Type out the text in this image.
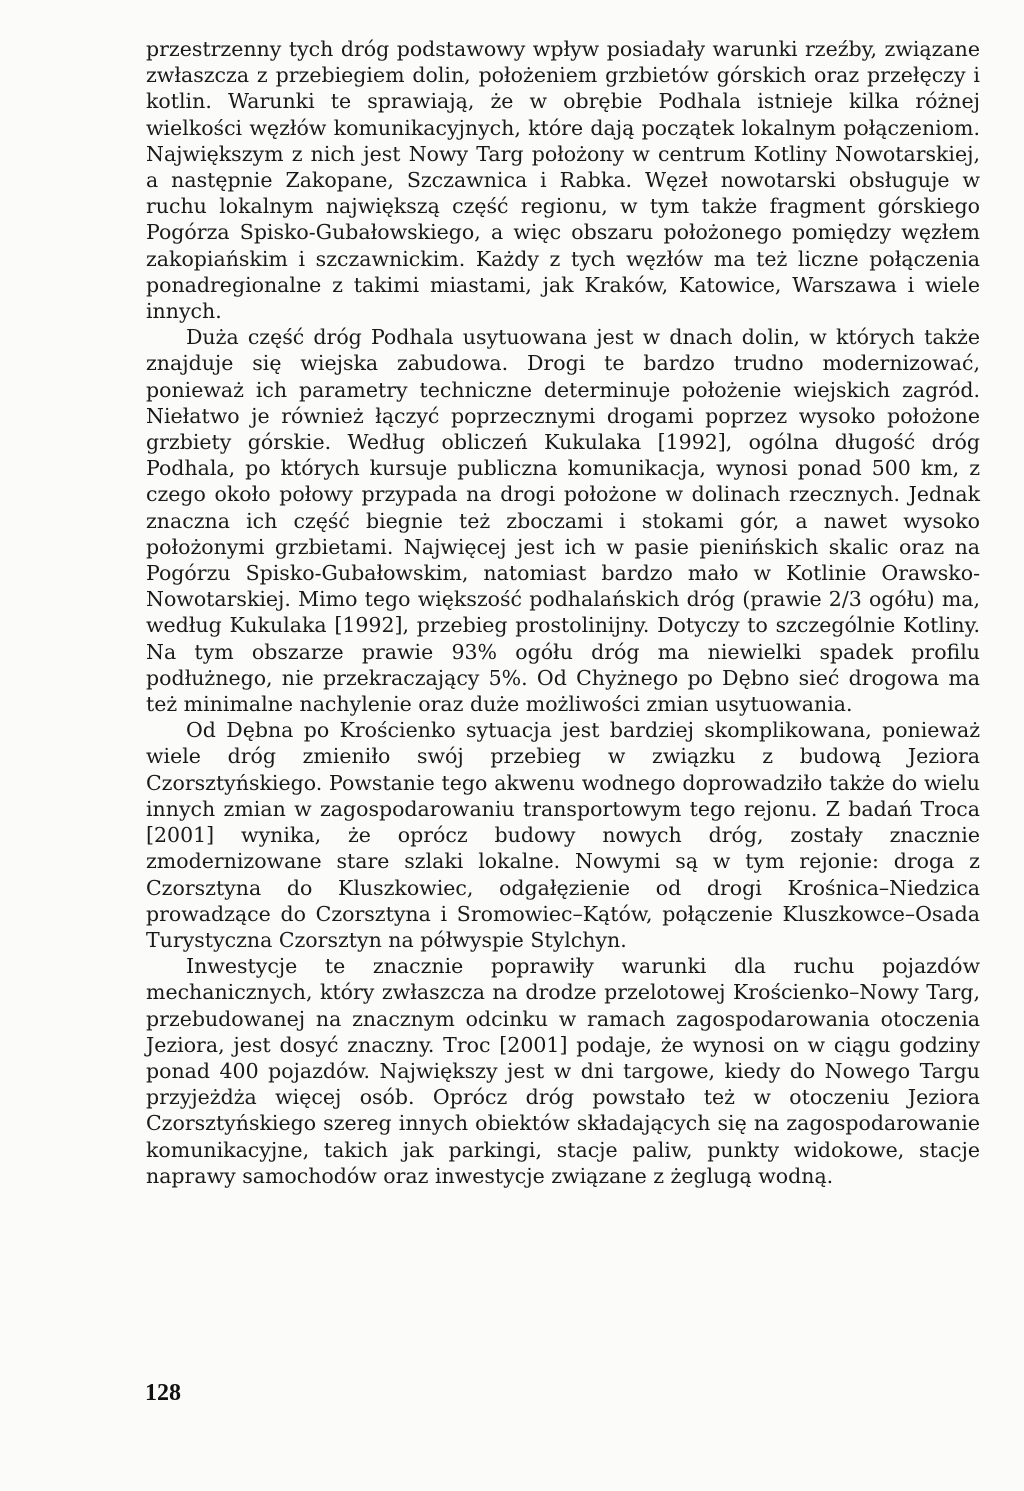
przestrzenny tych dróg podstawowy wpływ posiadały warunki rzeźby, związane zwłaszcza z przebiegiem dolin, położeniem grzbietów górskich oraz przełęczy i kotlin. Warunki te sprawiają, że w obrębie Podhala istnieje kilka różnej wielkości węzłów komunikacyjnych, które dają początek lokalnym połączeniom. Największym z nich jest Nowy Targ położony w centrum Kotliny Nowotarskiej, a następnie Zakopane, Szczawnica i Rabka. Węzeł nowotarski obsługuje w ruchu lokalnym największą część regionu, w tym także fragment górskiego Pogórza Spisko-Gubałowskiego, a więc obszaru położonego pomiędzy węzłem zakopiańskim i szczawnickim. Każdy z tych węzłów ma też liczne połączenia ponadregionalne z takimi miastami, jak Kraków, Katowice, Warszawa i wiele innych.

Duża część dróg Podhala usytuowana jest w dnach dolin, w których także znajduje się wiejska zabudowa. Drogi te bardzo trudno modernizować, ponieważ ich parametry techniczne determinuje położenie wiejskich zagród. Niełatwo je również łączyć poprzecznymi drogami poprzez wysoko położone grzbiety górskie. Według obliczeń Kukulaka [1992], ogólna długość dróg Podhala, po których kursuje publiczna komunikacja, wynosi ponad 500 km, z czego około połowy przypada na drogi położone w dolinach rzecznych. Jednak znaczna ich część biegnie też zboczami i stokami gór, a nawet wysoko położonymi grzbietami. Najwięcej jest ich w pasie pienińskich skalic oraz na Pogórzu Spisko-Gubałowskim, natomiast bardzo mało w Kotlinie Orawsko-Nowotarskiej. Mimo tego większość podhalańskich dróg (prawie 2/3 ogółu) ma, według Kukulaka [1992], przebieg prostolinijny. Dotyczy to szczególnie Kotliny. Na tym obszarze prawie 93% ogółu dróg ma niewielki spadek profilu podłużnego, nie przekraczający 5%. Od Chyżnego po Dębno sieć drogowa ma też minimalne nachylenie oraz duże możliwości zmian usytuowania.

Od Dębna po Krościenko sytuacja jest bardziej skomplikowana, ponieważ wiele dróg zmieniło swój przebieg w związku z budową Jeziora Czorsztyńskiego. Powstanie tego akwenu wodnego doprowadziło także do wielu innych zmian w zagospodarowaniu transportowym tego rejonu. Z badań Troca [2001] wynika, że oprócz budowy nowych dróg, zostały znacznie zmodernizowane stare szlaki lokalne. Nowymi są w tym rejonie: droga z Czorsztyna do Kluszkowiec, odgałęzienie od drogi Krośnica–Niedzica prowadzące do Czorsztyna i Sromowiec–Kątów, połączenie Kluszkowce–Osada Turystyczna Czorsztyn na półwyspie Stylchyn.

Inwestycje te znacznie poprawiły warunki dla ruchu pojazdów mechanicznych, który zwłaszcza na drodze przelotowej Krościenko–Nowy Targ, przebudowanej na znacznym odcinku w ramach zagospodarowania otoczenia Jeziora, jest dosyć znaczny. Troc [2001] podaje, że wynosi on w ciągu godziny ponad 400 pojazdów. Największy jest w dni targowe, kiedy do Nowego Targu przyjeżdża więcej osób. Oprócz dróg powstało też w otoczeniu Jeziora Czorsztyńskiego szereg innych obiektów składających się na zagospodarowanie komunikacyjne, takich jak parkingi, stacje paliw, punkty widokowe, stacje naprawy samochodów oraz inwestycje związane z żeglugą wodną.

128
